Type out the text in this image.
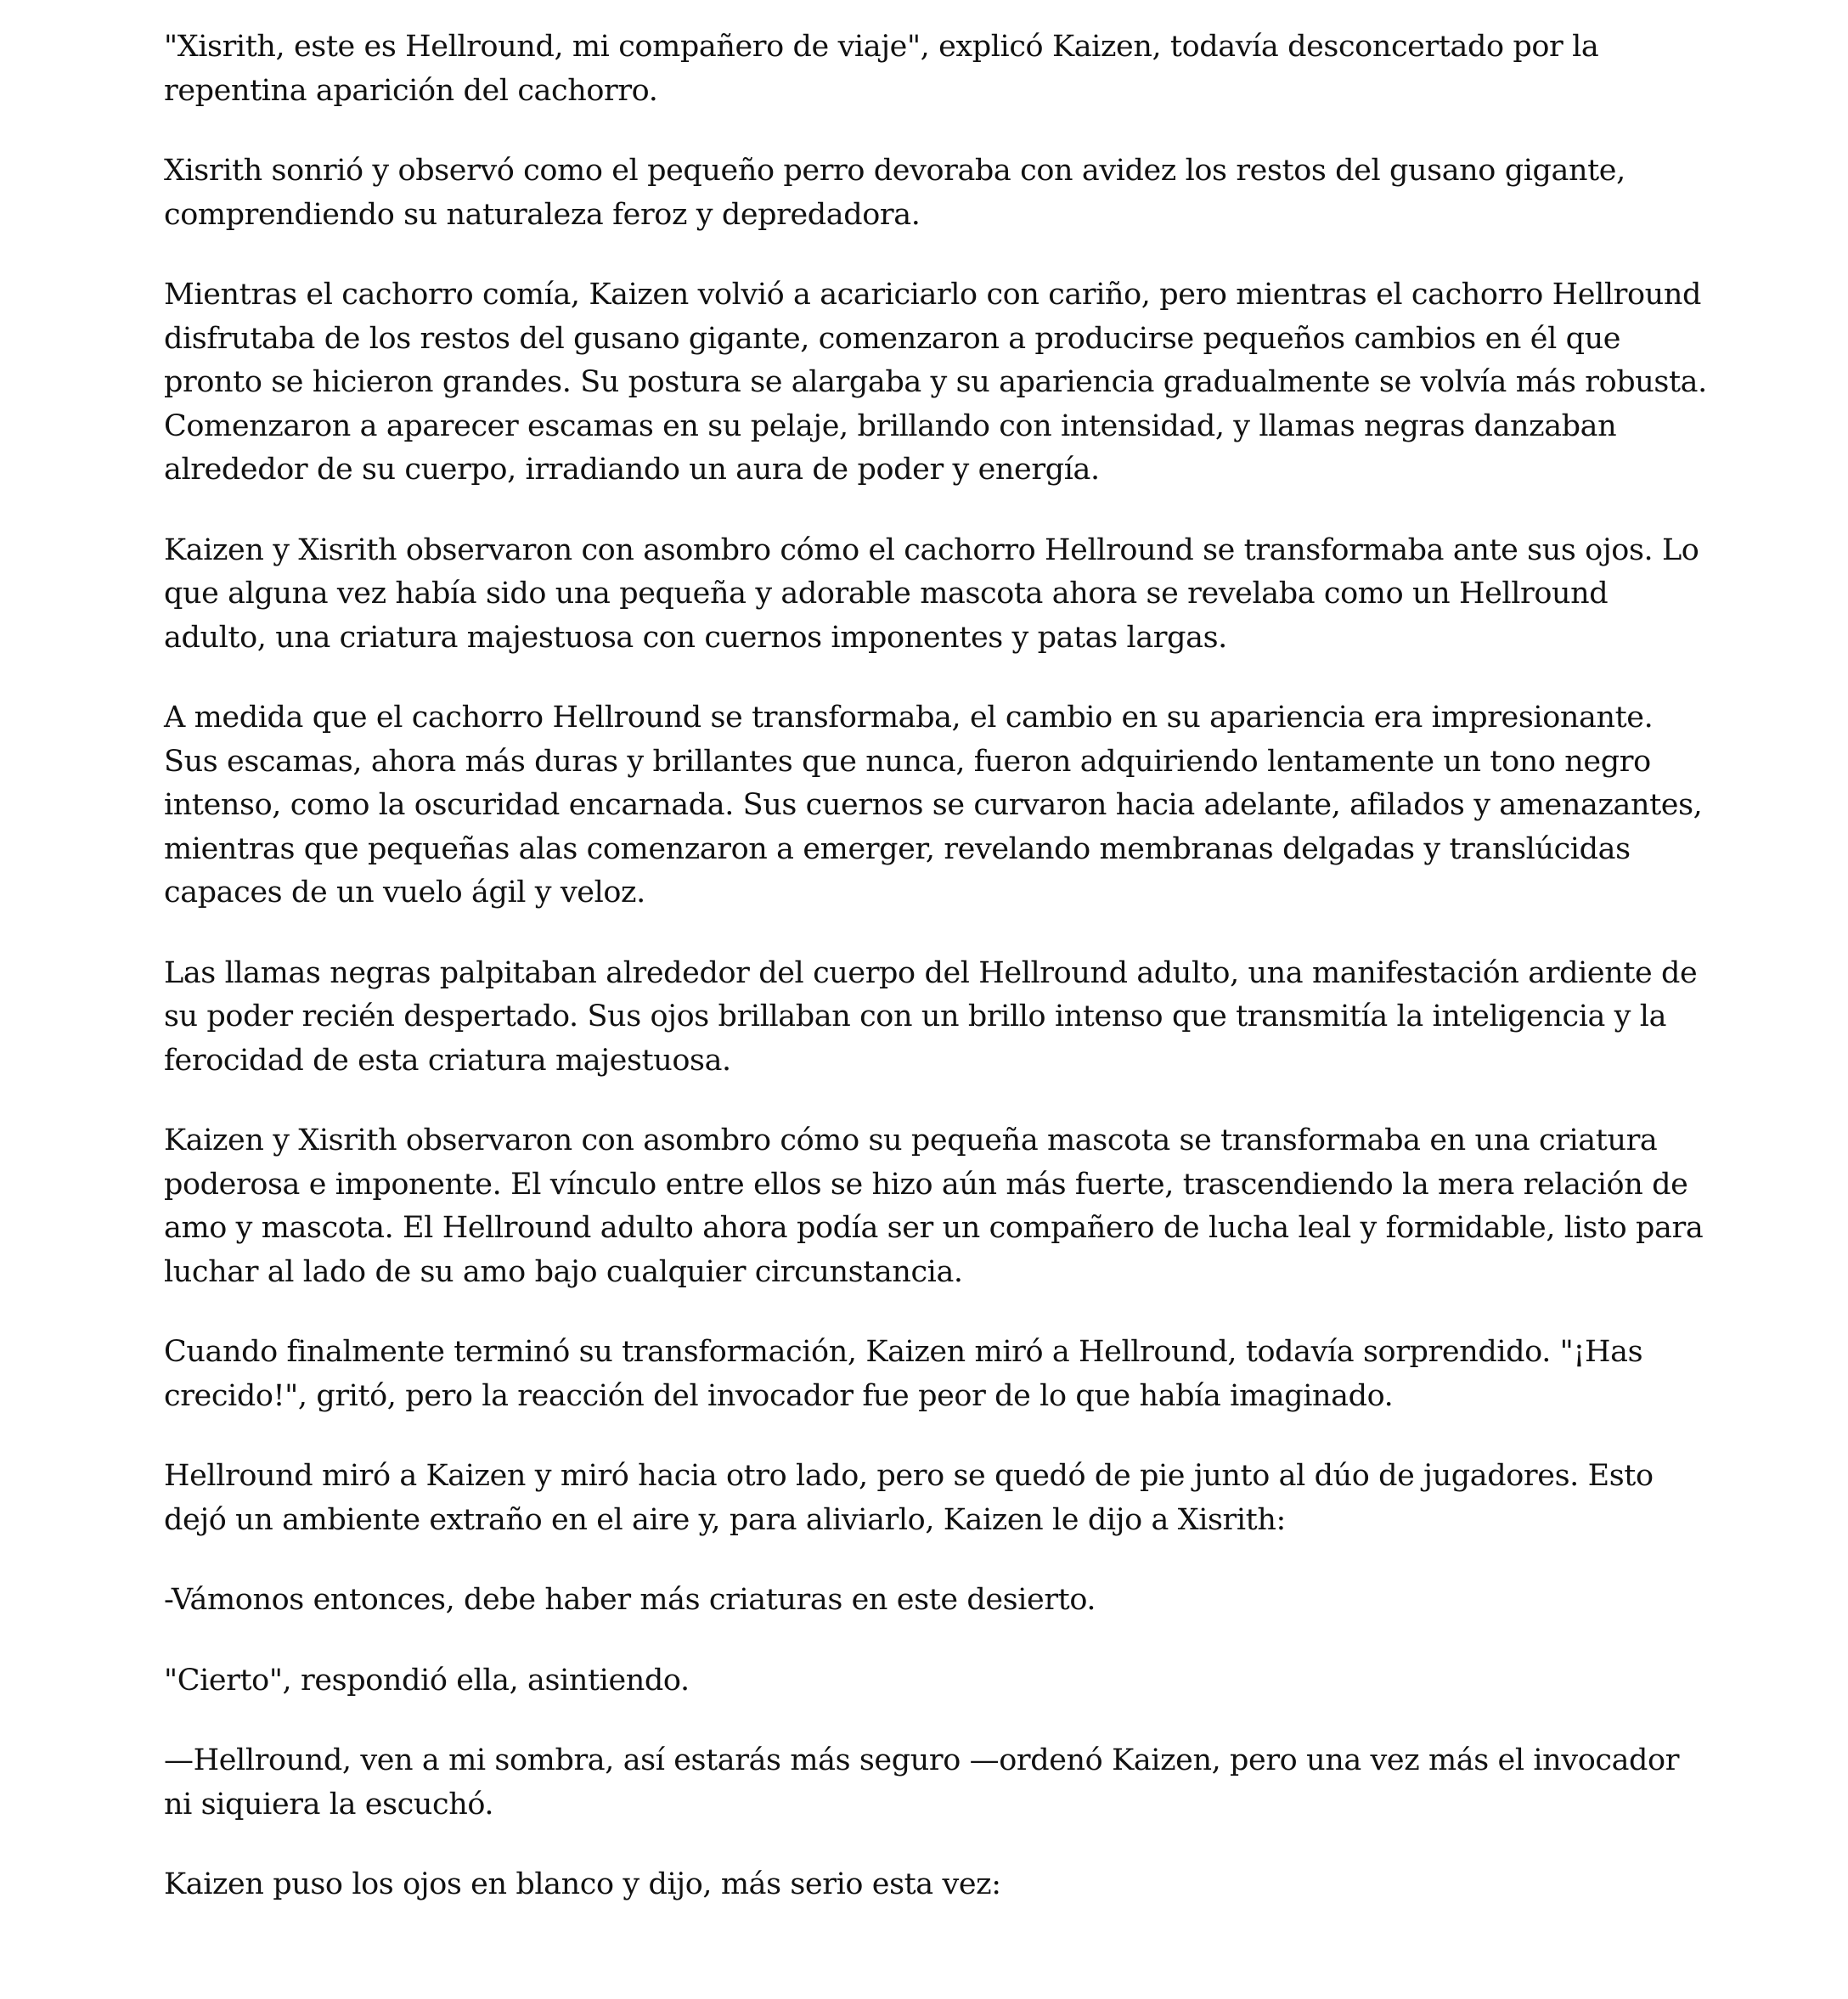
"Xisrith, este es Hellround, mi compañero de viaje", explicó Kaizen, todavía desconcertado por la repentina aparición del cachorro.

Xisrith sonrió y observó como el pequeño perro devoraba con avidez los restos del gusano gigante, comprendiendo su naturaleza feroz y depredadora.

Mientras el cachorro comía, Kaizen volvió a acariciarlo con cariño, pero mientras el cachorro Hellround disfrutaba de los restos del gusano gigante, comenzaron a producirse pequeños cambios en él que pronto se hicieron grandes. Su postura se alargaba y su apariencia gradualmente se volvía más robusta. Comenzaron a aparecer escamas en su pelaje, brillando con intensidad, y llamas negras danzaban alrededor de su cuerpo, irradiando un aura de poder y energía.

Kaizen y Xisrith observaron con asombro cómo el cachorro Hellround se transformaba ante sus ojos. Lo que alguna vez había sido una pequeña y adorable mascota ahora se revelaba como un Hellround adulto, una criatura majestuosa con cuernos imponentes y patas largas.

A medida que el cachorro Hellround se transformaba, el cambio en su apariencia era impresionante. Sus escamas, ahora más duras y brillantes que nunca, fueron adquiriendo lentamente un tono negro intenso, como la oscuridad encarnada. Sus cuernos se curvaron hacia adelante, afilados y amenazantes, mientras que pequeñas alas comenzaron a emerger, revelando membranas delgadas y translúcidas capaces de un vuelo ágil y veloz.

Las llamas negras palpitaban alrededor del cuerpo del Hellround adulto, una manifestación ardiente de su poder recién despertado. Sus ojos brillaban con un brillo intenso que transmitía la inteligencia y la ferocidad de esta criatura majestuosa.

Kaizen y Xisrith observaron con asombro cómo su pequeña mascota se transformaba en una criatura poderosa e imponente. El vínculo entre ellos se hizo aún más fuerte, trascendiendo la mera relación de amo y mascota. El Hellround adulto ahora podía ser un compañero de lucha leal y formidable, listo para luchar al lado de su amo bajo cualquier circunstancia.

Cuando finalmente terminó su transformación, Kaizen miró a Hellround, todavía sorprendido. "¡Has crecido!", gritó, pero la reacción del invocador fue peor de lo que había imaginado.

Hellround miró a Kaizen y miró hacia otro lado, pero se quedó de pie junto al dúo de jugadores. Esto dejó un ambiente extraño en el aire y, para aliviarlo, Kaizen le dijo a Xisrith:

-Vámonos entonces, debe haber más criaturas en este desierto.

"Cierto", respondió ella, asintiendo.

—Hellround, ven a mi sombra, así estarás más seguro —ordenó Kaizen, pero una vez más el invocador ni siquiera la escuchó.

Kaizen puso los ojos en blanco y dijo, más serio esta vez:
